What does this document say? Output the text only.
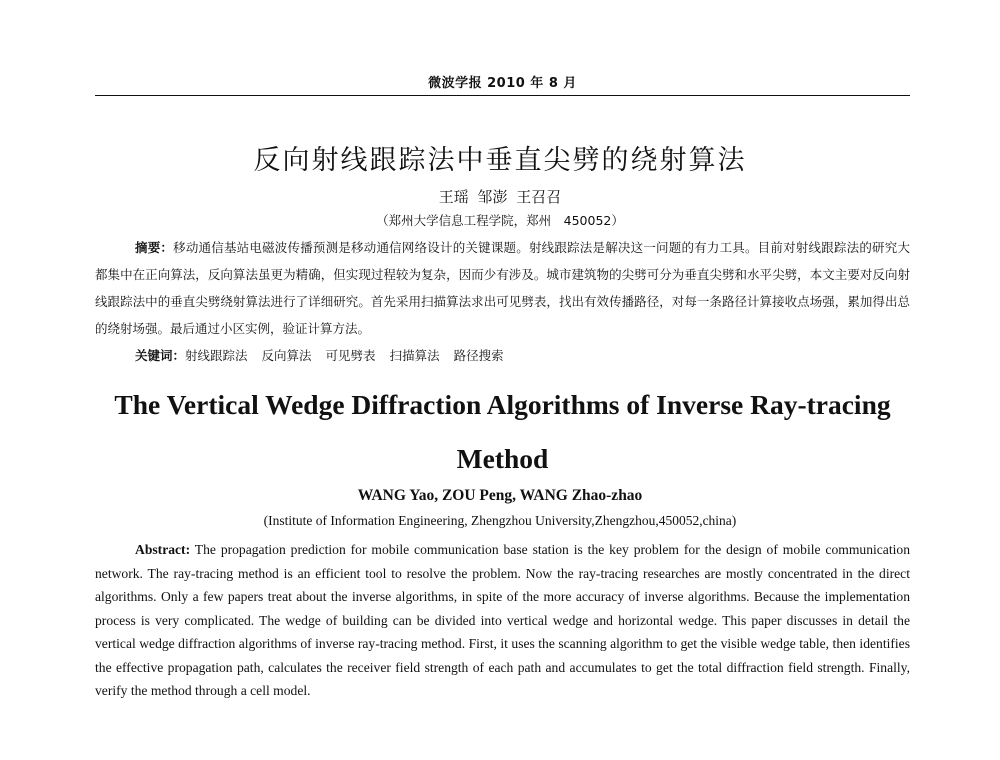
微波学报 2010 年 8 月
反向射线跟踪法中垂直尖劈的绕射算法
王瑶 邹澎 王召召
（郑州大学信息工程学院，郑州　450052）

摘要：移动通信基站电磁波传播预测是移动通信网络设计的关键课题。射线跟踪法是解决这一问题的有力工具。目前对射线跟踪法的研究大都集中在正向算法，反向算法虽更为精确，但实现过程较为复杂，因而少有涉及。城市建筑物的尖劈可分为垂直尖劈和水平尖劈，本文主要对反向射线跟踪法中的垂直尖劈绕射算法进行了详细研究。首先采用扫描算法求出可见劈表，找出有效传播路径，对每一条路径计算接收点场强，累加得出总的绕射场强。最后通过小区实例，验证计算方法。

关键词：射线跟踪法 反向算法 可见劈表 扫描算法 路径搜索

The Vertical Wedge Diffraction Algorithms of Inverse Ray-tracing Method
WANG Yao, ZOU Peng, WANG Zhao-zhao
(Institute of Information Engineering, Zhengzhou University,Zhengzhou,450052,china)

Abstract: The propagation prediction for mobile communication base station is the key problem for the design of mobile communication network. The ray-tracing method is an efficient tool to resolve the problem. Now the ray-tracing researches are mostly concentrated in the direct algorithms. Only a few papers treat about the inverse algorithms, in spite of the more accuracy of inverse algorithms. Because the implementation process is very complicated. The wedge of building can be divided into vertical wedge and horizontal wedge. This paper discusses in detail the vertical wedge diffraction algorithms of inverse ray-tracing method. First, it uses the scanning algorithm to get the visible wedge table, then identifies the effective propagation path, calculates the receiver field strength of each path and accumulates to get the total diffraction field strength. Finally, verify the method through a cell model.
